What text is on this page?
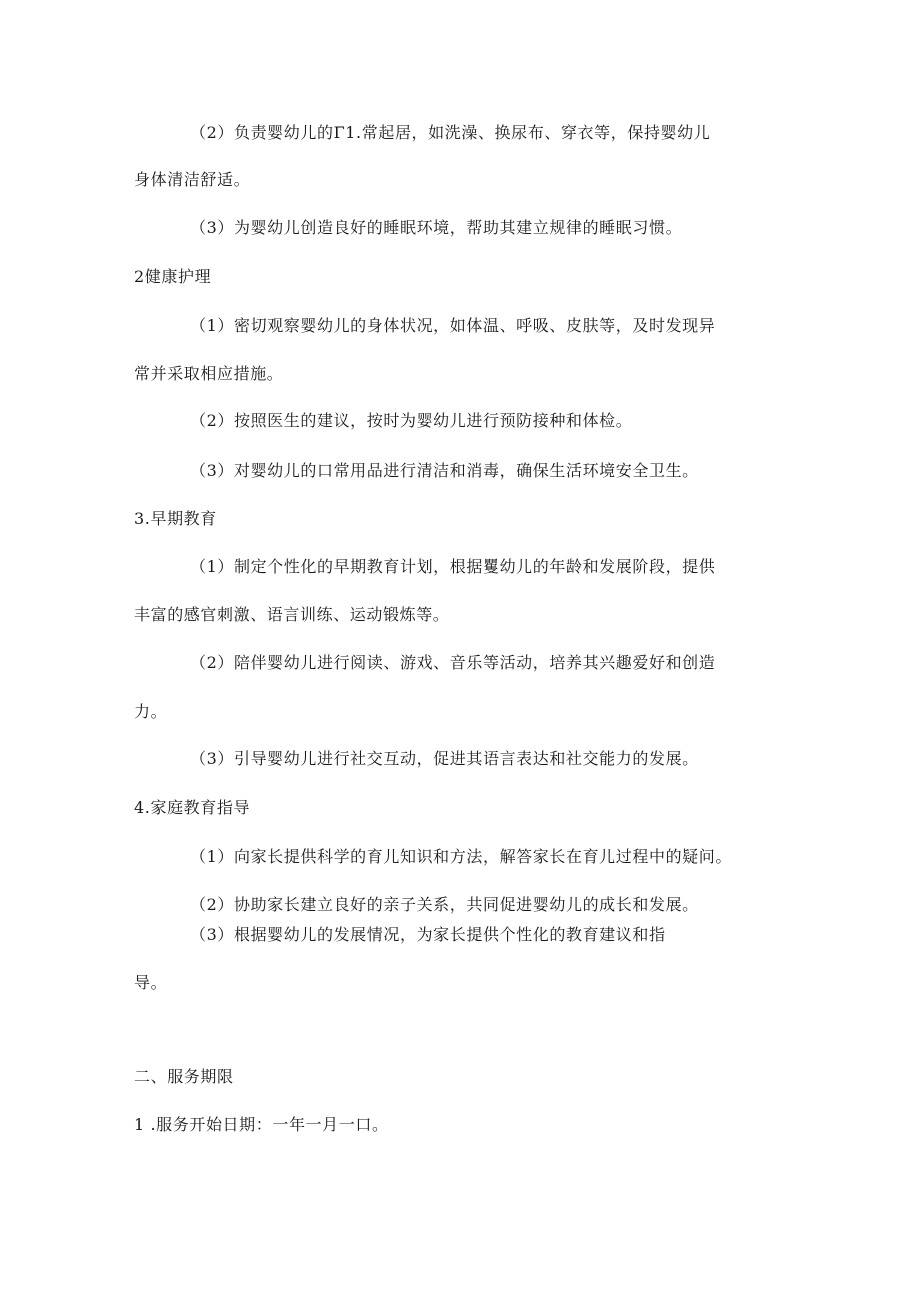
（2）负责婴幼儿的Γ1.常起居，如洗澡、换尿布、穿衣等，保持婴幼儿
身体清洁舒适。
（3）为婴幼儿创造良好的睡眠环境，帮助其建立规律的睡眠习惯。
2健康护理
（1）密切观察婴幼儿的身体状况，如体温、呼吸、皮肤等，及时发现异
常并采取相应措施。
（2）按照医生的建议，按时为婴幼儿进行预防接种和体检。
（3）对婴幼儿的口常用品进行清洁和消毒，确保生活环境安全卫生。
3.早期教育
（1）制定个性化的早期教育计划，根据矍幼儿的年龄和发展阶段，提供
丰富的感官刺激、语言训练、运动锻炼等。
（2）陪伴婴幼儿进行阅读、游戏、音乐等活动，培养其兴趣爱好和创造
力。
（3）引导婴幼儿进行社交互动，促进其语言表达和社交能力的发展。
4.家庭教育指导
（1）向家长提供科学的育儿知识和方法，解答家长在育儿过程中的疑问。
（2）协助家长建立良好的亲子关系，共同促进婴幼儿的成长和发展。
（3）根据婴幼儿的发展情况，为家长提供个性化的教育建议和指
导。
二、服务期限
1 .服务开始日期：一年一月一口。
